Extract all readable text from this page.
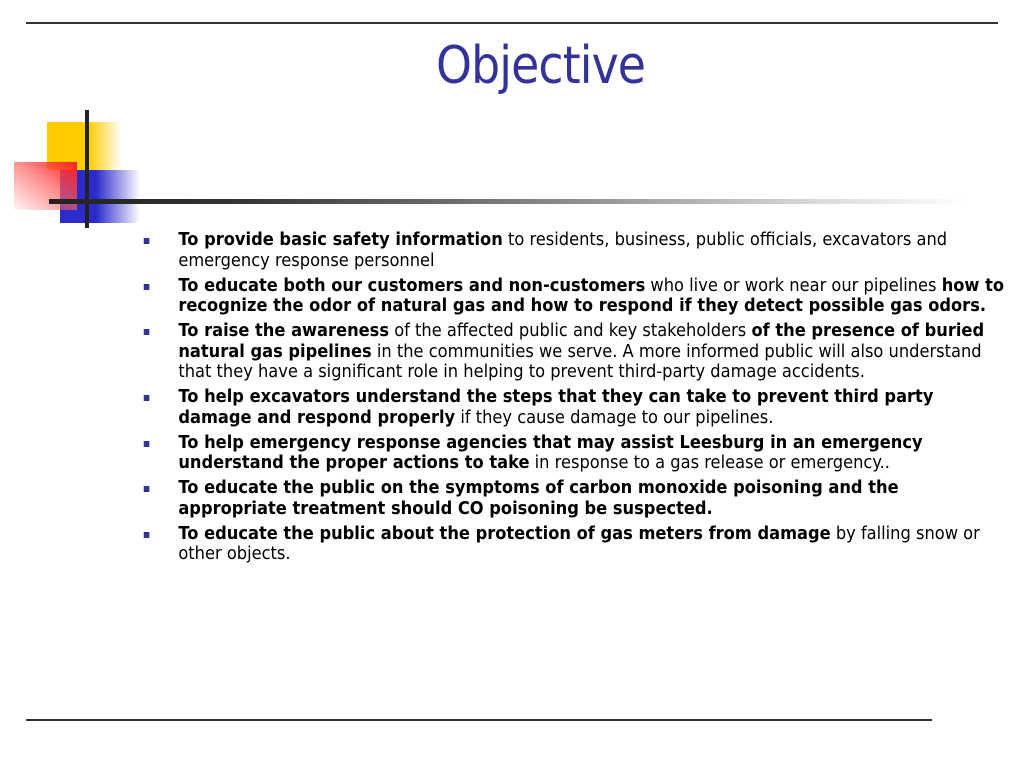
Objective
To provide basic safety information to residents, business, public officials, excavators and emergency response personnel
To educate both our customers and non-customers who live or work near our pipelines how to recognize the odor of natural gas and how to respond if they detect possible gas odors.
To raise the awareness of the affected public and key stakeholders of the presence of buried natural gas pipelines in the communities we serve. A more informed public will also understand that they have a significant role in helping to prevent third-party damage accidents.
To help excavators understand the steps that they can take to prevent third party damage and respond properly if they cause damage to our pipelines.
To help emergency response agencies that may assist Leesburg in an emergency understand the proper actions to take in response to a gas release or emergency..
To educate the public on the symptoms of carbon monoxide poisoning and the appropriate treatment should CO poisoning be suspected.
To educate the public about the protection of gas meters from damage by falling snow or other objects.
